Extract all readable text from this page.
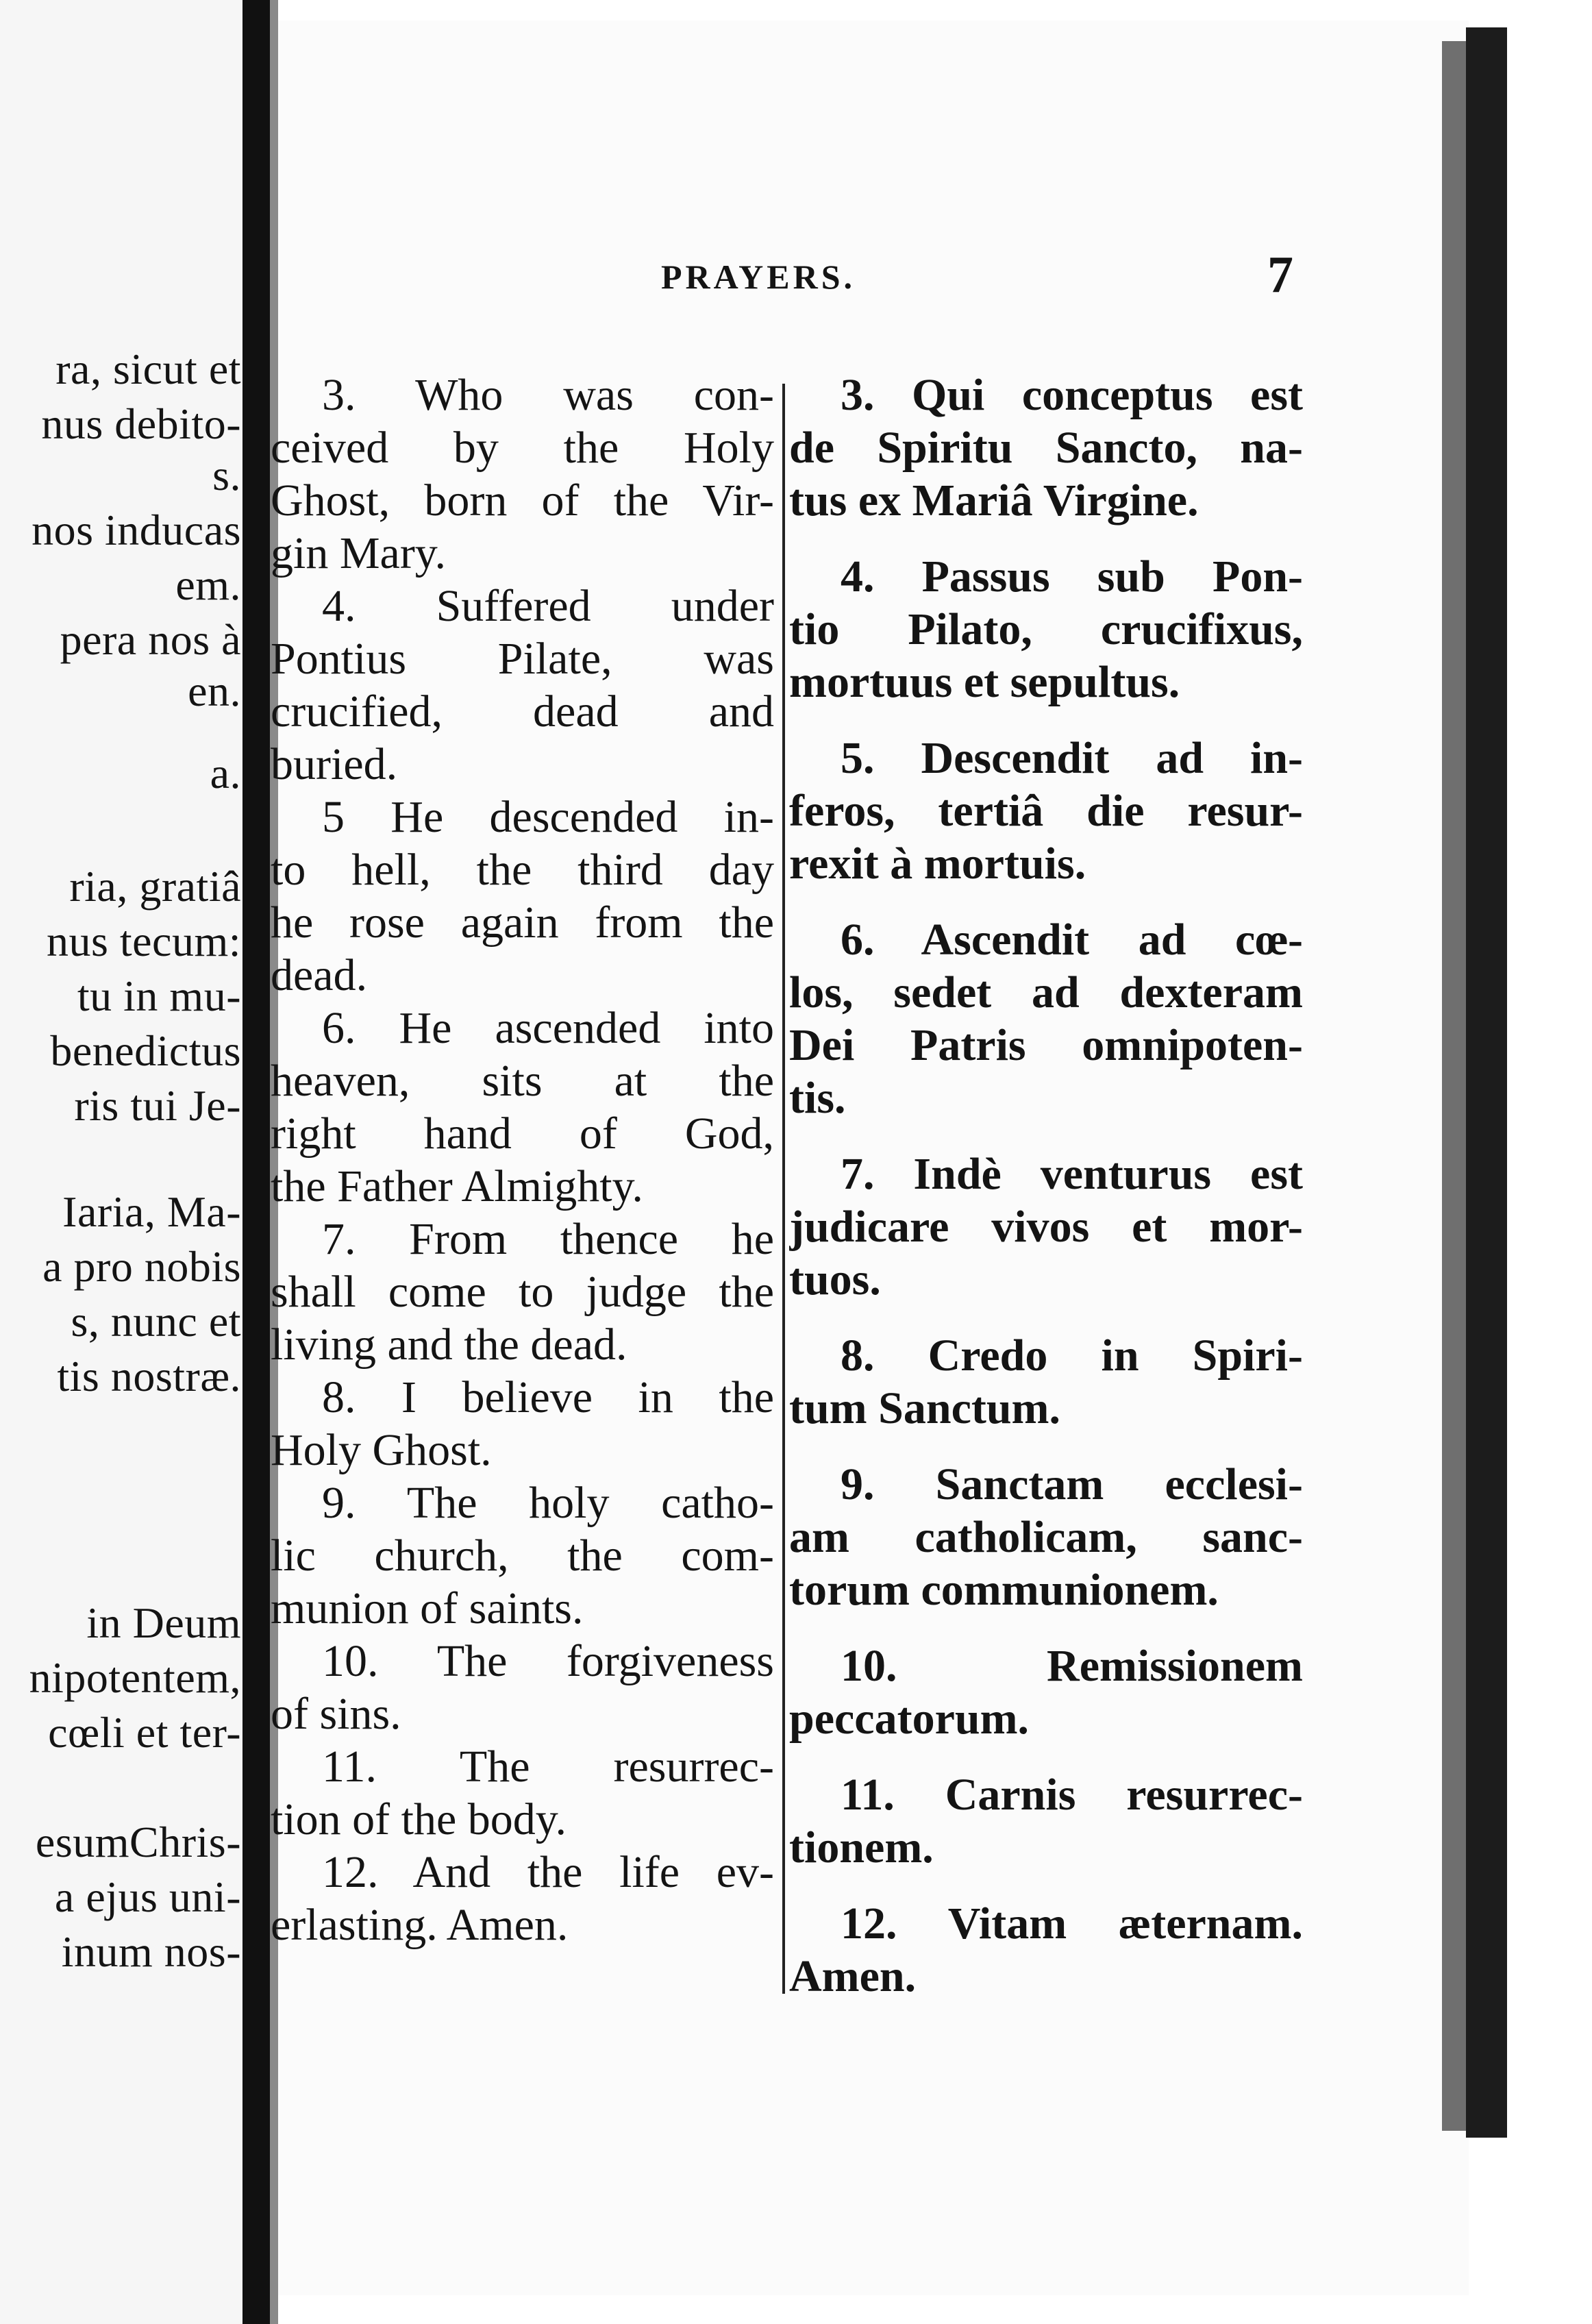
ra, sicut et
nus debito-
s.
nos inducas
em.
pera nos à
en.
a.
ria, gratiâ
nus tecum:
tu in mu-
benedictus
ris tui Je-
Iaria, Ma-
a pro nobis
s, nunc et
tis nostræ.
in Deum
nipotentem,
cœli et ter-
esumChris-
a ejus uni-
inum nos-
PRAYERS.	7
3. Who was con-
ceived by the Holy
Ghost, born of the Vir-
gin Mary.
4. Suffered under
Pontius Pilate, was
crucified, dead and
buried.
5 He descended in-
to hell, the third day
he rose again from the
dead.
6. He ascended into
heaven, sits at the
right hand of God,
the Father Almighty.
7. From thence he
shall come to judge the
living and the dead.
8. I believe in the
Holy Ghost.
9. The holy catho-
lic church, the com-
munion of saints.
10. The forgiveness
of sins.
11. The resurrec-
tion of the body.
12. And the life ev-
erlasting. Amen.
3. Qui conceptus est
de Spiritu Sancto, na-
tus ex Mariâ Virgine.
4. Passus sub Pon-
tio Pilato, crucifixus,
mortuus et sepultus.
5. Descendit ad in-
feros, tertiâ die resur-
rexit à mortuis.
6. Ascendit ad cœ-
los, sedet ad dexteram
Dei Patris omnipoten-
tis.
7. Indè venturus est
judicare vivos et mor-
tuos.
8. Credo in Spiri-
tum Sanctum.
9. Sanctam ecclesi-
am catholicam, sanc-
torum communionem.
10. Remissionem
peccatorum.
11. Carnis resurrec-
tionem.
12. Vitam æternam.
Amen.
